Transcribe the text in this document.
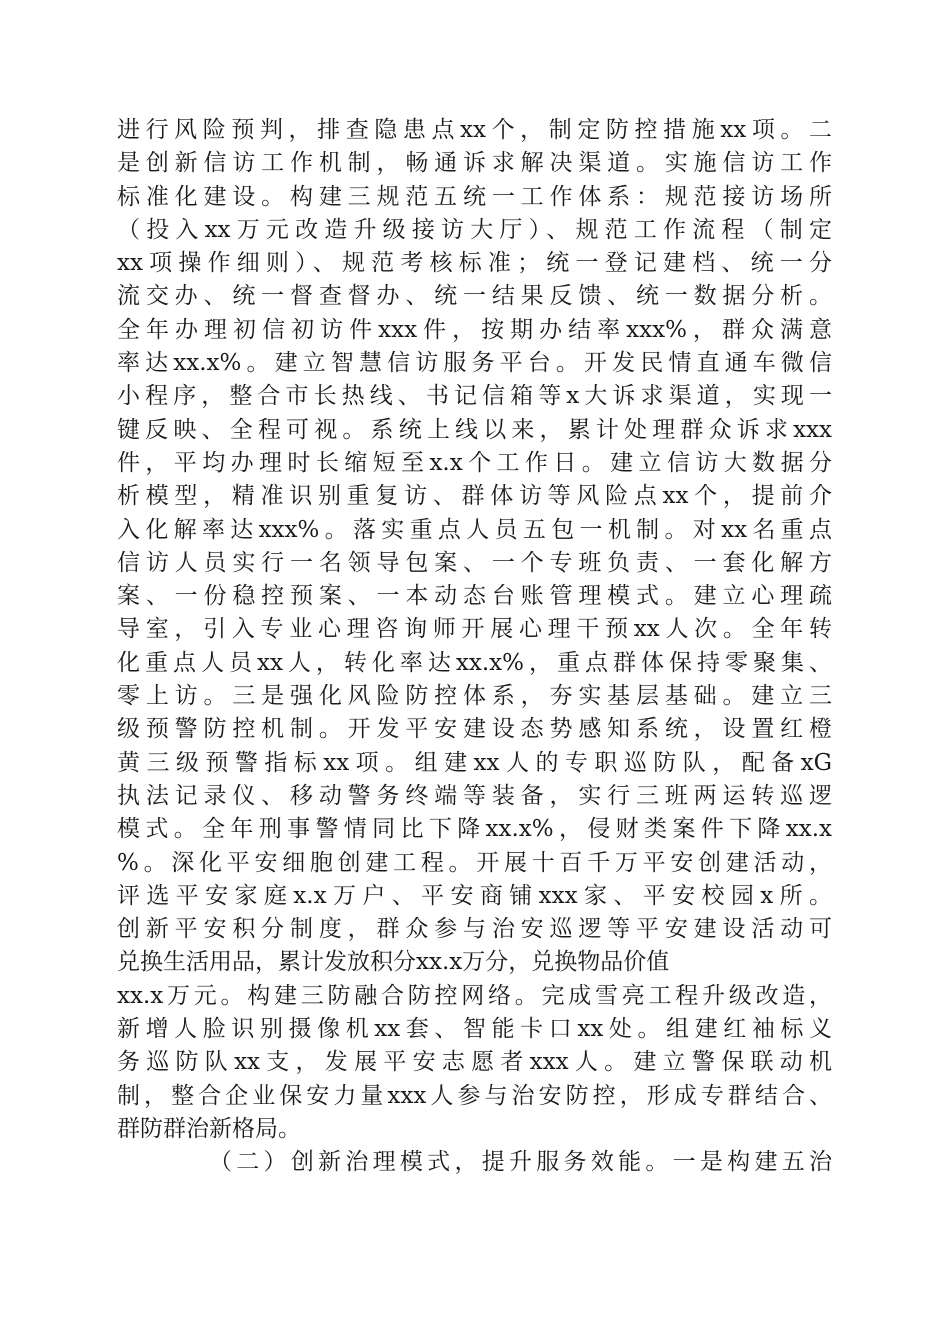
进行风险预判，排查隐患点xx个，制定防控措施xx项。二
是创新信访工作机制，畅通诉求解决渠道。实施信访工作
标准化建设。构建三规范五统一工作体系：规范接访场所
（投入xx万元改造升级接访大厅）、规范工作流程（制定
xx项操作细则）、规范考核标准；统一登记建档、统一分
流交办、统一督查督办、统一结果反馈、统一数据分析。
全年办理初信初访件xxx件，按期办结率xxx%，群众满意
率达xx.x%。建立智慧信访服务平台。开发民情直通车微信
小程序，整合市长热线、书记信箱等x大诉求渠道，实现一
键反映、全程可视。系统上线以来，累计处理群众诉求xxx
件，平均办理时长缩短至x.x个工作日。建立信访大数据分
析模型，精准识别重复访、群体访等风险点xx个，提前介
入化解率达xxx%。落实重点人员五包一机制。对xx名重点
信访人员实行一名领导包案、一个专班负责、一套化解方
案、一份稳控预案、一本动态台账管理模式。建立心理疏
导室，引入专业心理咨询师开展心理干预xx人次。全年转
化重点人员xx人，转化率达xx.x%，重点群体保持零聚集、
零上访。三是强化风险防控体系，夯实基层基础。建立三
级预警防控机制。开发平安建设态势感知系统，设置红橙
黄三级预警指标xx项。组建xx人的专职巡防队，配备xG
执法记录仪、移动警务终端等装备，实行三班两运转巡逻
模式。全年刑事警情同比下降xx.x%，侵财类案件下降xx.x
%。深化平安细胞创建工程。开展十百千万平安创建活动，
评选平安家庭x.x万户、平安商铺xxx家、平安校园x所。
创新平安积分制度，群众参与治安巡逻等平安建设活动可
兑换生活用品，累计发放积分xx.x万分，兑换物品价值
xx.x万元。构建三防融合防控网络。完成雪亮工程升级改造，
新增人脸识别摄像机xx套、智能卡口xx处。组建红袖标义
务巡防队xx支，发展平安志愿者xxx人。建立警保联动机
制，整合企业保安力量xxx人参与治安防控，形成专群结合、
群防群治新格局。
（二）创新治理模式，提升服务效能。一是构建五治
